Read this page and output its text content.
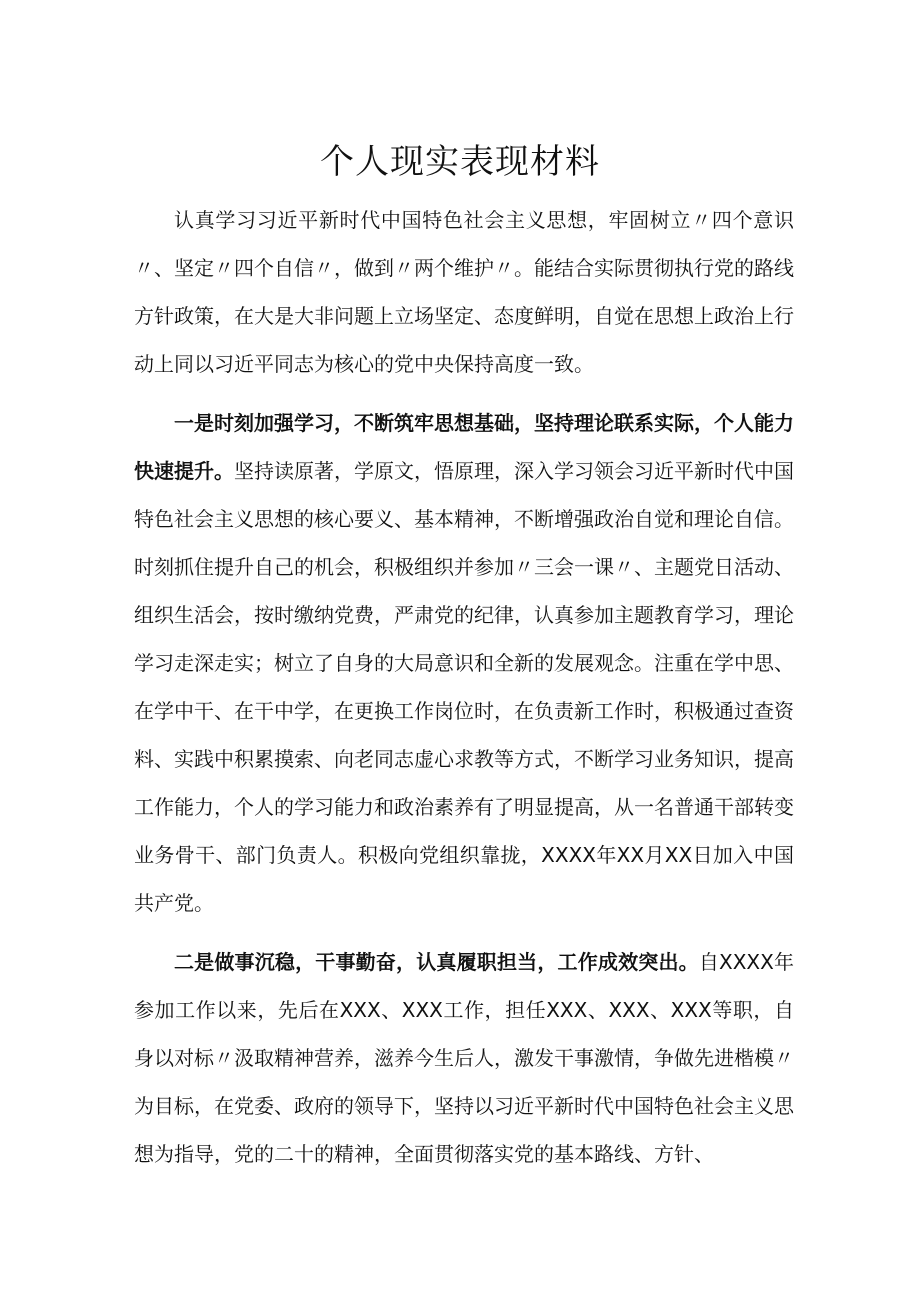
个人现实表现材料

认真学习习近平新时代中国特色社会主义思想，牢固树立〃四个意识〃、坚定〃四个自信〃，做到〃两个维护〃。能结合实际贯彻执行党的路线方针政策，在大是大非问题上立场坚定、态度鲜明，自觉在思想上政治上行动上同以习近平同志为核心的党中央保持高度一致。

一是时刻加强学习，不断筑牢思想基础，坚持理论联系实际，个人能力快速提升。坚持读原著，学原文，悟原理，深入学习领会习近平新时代中国特色社会主义思想的核心要义、基本精神，不断增强政治自觉和理论自信。时刻抓住提升自己的机会，积极组织并参加〃三会一课〃、主题党日活动、组织生活会，按时缴纳党费，严肃党的纪律，认真参加主题教育学习，理论学习走深走实；树立了自身的大局意识和全新的发展观念。注重在学中思、在学中干、在干中学，在更换工作岗位时，在负责新工作时，积极通过查资料、实践中积累摸索、向老同志虚心求教等方式，不断学习业务知识，提高工作能力，个人的学习能力和政治素养有了明显提高，从一名普通干部转变业务骨干、部门负责人。积极向党组织靠拢，XXXX年XX月XX日加入中国共产党。

二是做事沉稳，干事勤奋，认真履职担当，工作成效突出。自XXXX年参加工作以来，先后在XXX、XXX工作，担任XXX、XXX、XXX等职，自身以对标〃汲取精神营养，滋养今生后人，激发干事激情，争做先进楷模〃为目标，在党委、政府的领导下，坚持以习近平新时代中国特色社会主义思想为指导，党的二十的精神，全面贯彻落实党的基本路线、方针、
